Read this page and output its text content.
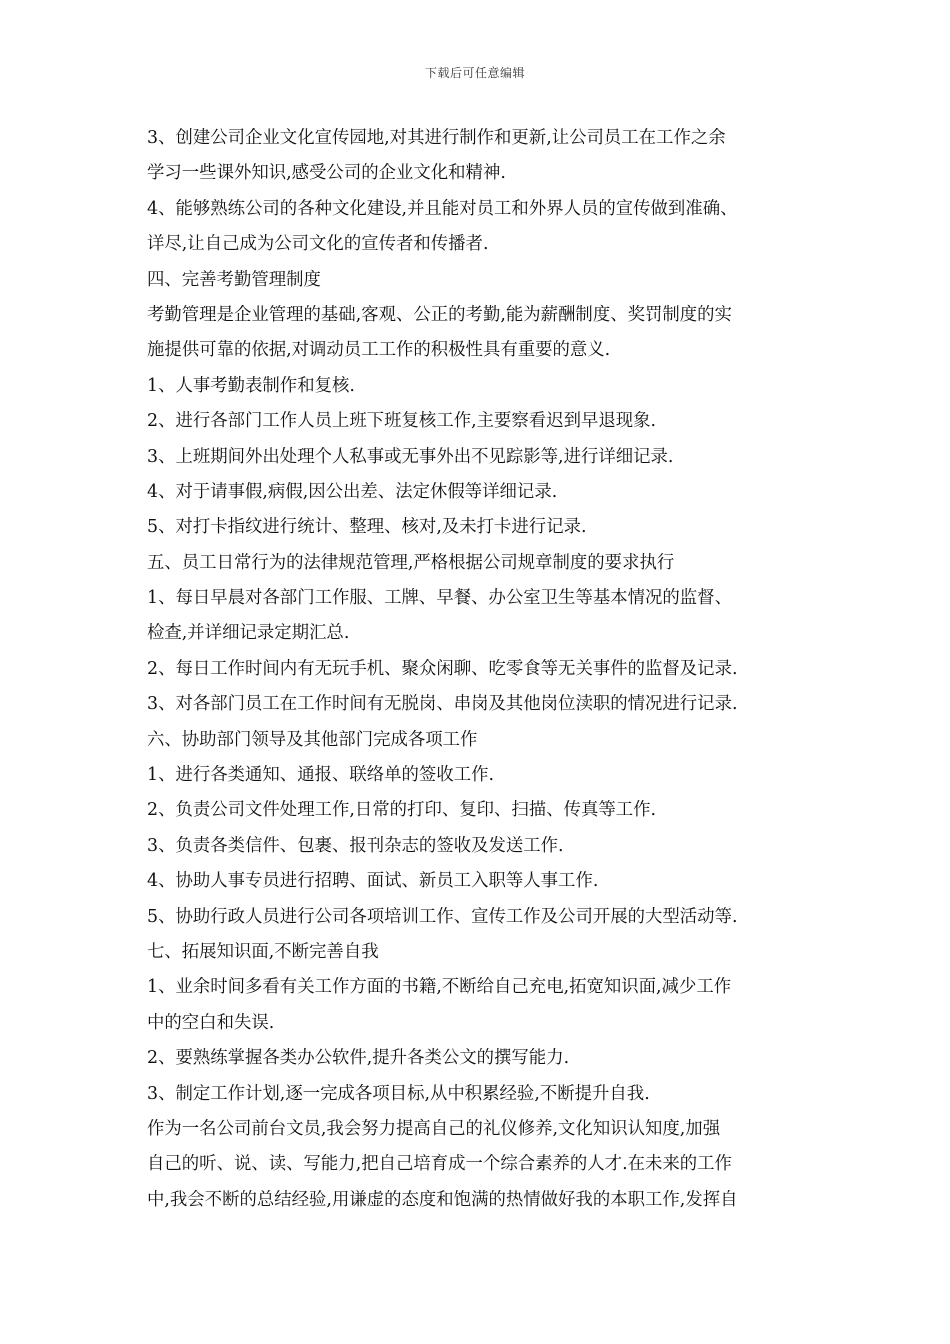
下载后可任意编辑
3、创建公司企业文化宣传园地,对其进行制作和更新,让公司员工在工作之余
学习一些课外知识,感受公司的企业文化和精神.
4、能够熟练公司的各种文化建设,并且能对员工和外界人员的宣传做到准确、
详尽,让自己成为公司文化的宣传者和传播者.
四、完善考勤管理制度
考勤管理是企业管理的基础,客观、公正的考勤,能为薪酬制度、奖罚制度的实
施提供可靠的依据,对调动员工工作的积极性具有重要的意义.
1、人事考勤表制作和复核.
2、进行各部门工作人员上班下班复核工作,主要察看迟到早退现象.
3、上班期间外出处理个人私事或无事外出不见踪影等,进行详细记录.
4、对于请事假,病假,因公出差、法定休假等详细记录.
5、对打卡指纹进行统计、整理、核对,及未打卡进行记录.
五、员工日常行为的法律规范管理,严格根据公司规章制度的要求执行
1、每日早晨对各部门工作服、工牌、早餐、办公室卫生等基本情况的监督、
检查,并详细记录定期汇总.
2、每日工作时间内有无玩手机、聚众闲聊、吃零食等无关事件的监督及记录.
3、对各部门员工在工作时间有无脱岗、串岗及其他岗位渎职的情况进行记录.
六、协助部门领导及其他部门完成各项工作
1、进行各类通知、通报、联络单的签收工作.
2、负责公司文件处理工作,日常的打印、复印、扫描、传真等工作.
3、负责各类信件、包裹、报刊杂志的签收及发送工作.
4、协助人事专员进行招聘、面试、新员工入职等人事工作.
5、协助行政人员进行公司各项培训工作、宣传工作及公司开展的大型活动等.
七、拓展知识面,不断完善自我
1、业余时间多看有关工作方面的书籍,不断给自己充电,拓宽知识面,减少工作
中的空白和失误.
2、要熟练掌握各类办公软件,提升各类公文的撰写能力.
3、制定工作计划,逐一完成各项目标,从中积累经验,不断提升自我.
作为一名公司前台文员,我会努力提高自己的礼仪修养,文化知识认知度,加强
自己的听、说、读、写能力,把自己培育成一个综合素养的人才.在未来的工作
中,我会不断的总结经验,用谦虚的态度和饱满的热情做好我的本职工作,发挥自
